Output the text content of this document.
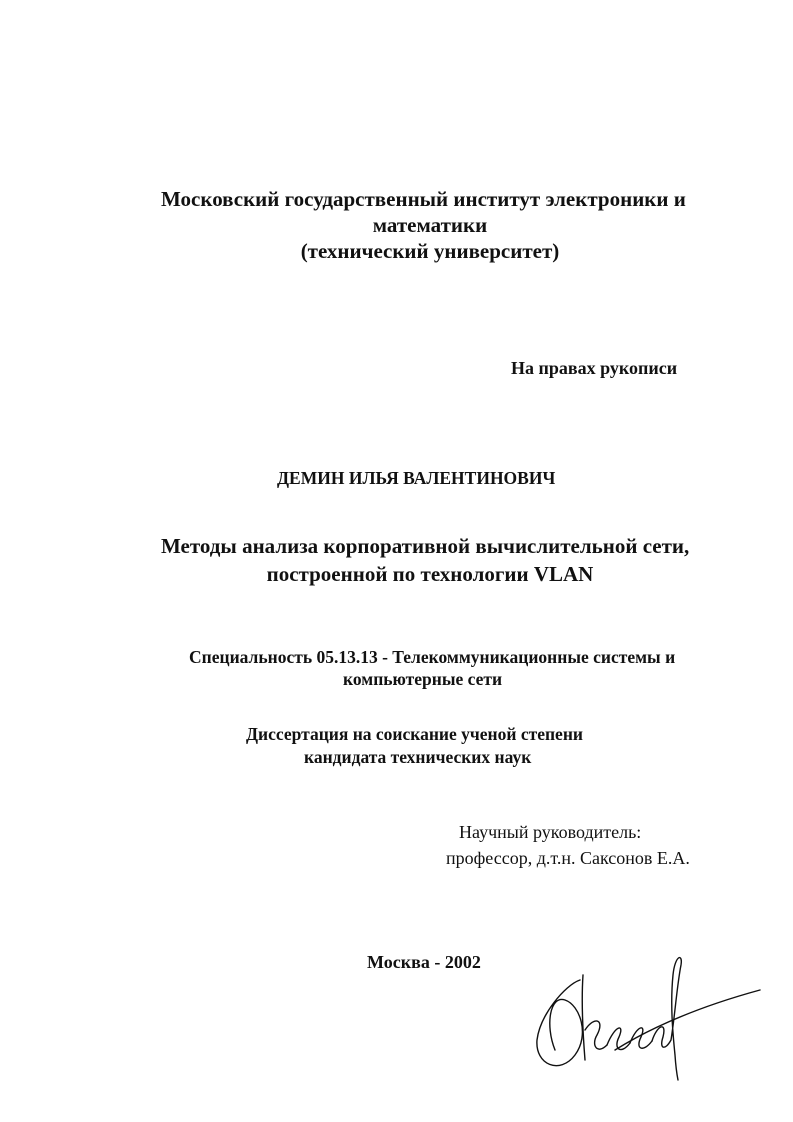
Московский государственный институт электроники и
математики
(технический университет)
На правах рукописи
ДЕМИН ИЛЬЯ ВАЛЕНТИНОВИЧ
Методы анализа корпоративной вычислительной сети,
построенной по технологии VLAN
Специальность 05.13.13 - Телекоммуникационные системы и
компьютерные сети
Диссертация на соискание ученой степени
кандидата технических наук
Научный руководитель:
профессор, д.т.н. Саксонов Е.А.
Москва - 2002
